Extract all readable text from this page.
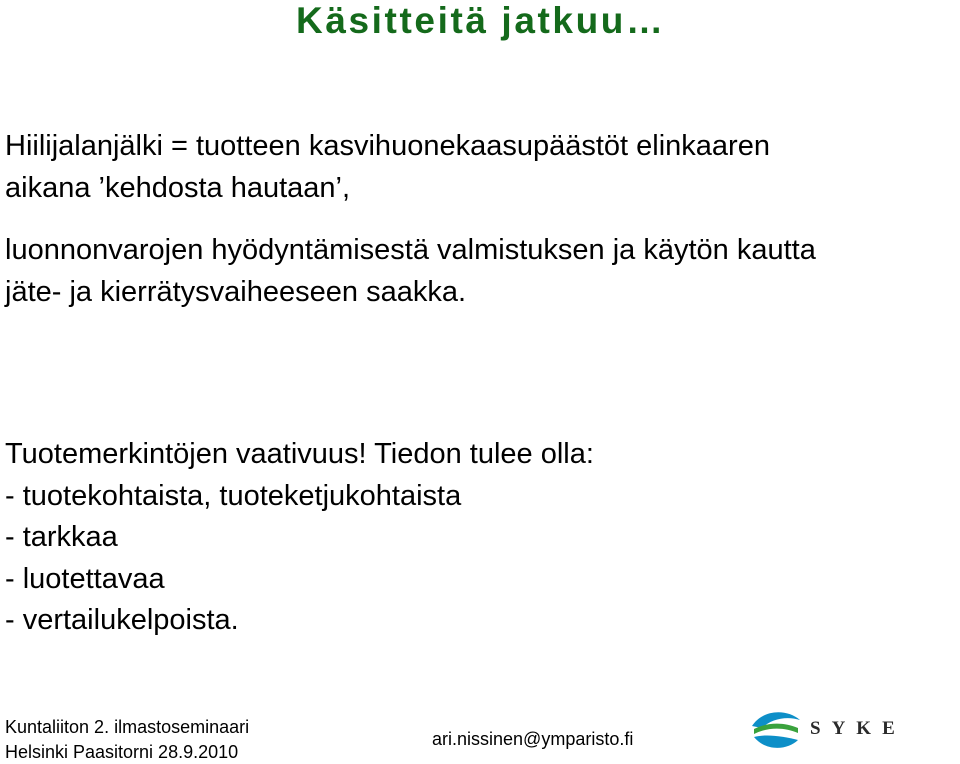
Käsitteitä jatkuu…
Hiilijalanjälki = tuotteen kasvihuonekaasupäästöt elinkaaren
aikana ’kehdosta hautaan’,
luonnonvarojen hyödyntämisestä valmistuksen ja käytön kautta
jäte- ja kierrätysvaiheeseen saakka.
Tuotemerkintöjen vaativuus! Tiedon tulee olla:
- tuotekohtaista, tuoteketjukohtaista
- tarkkaa
- luotettavaa
- vertailukelpoista.
Kuntaliiton 2. ilmastoseminaari
Helsinki Paasitorni 28.9.2010
ari.nissinen@ymparisto.fi	SYKE
